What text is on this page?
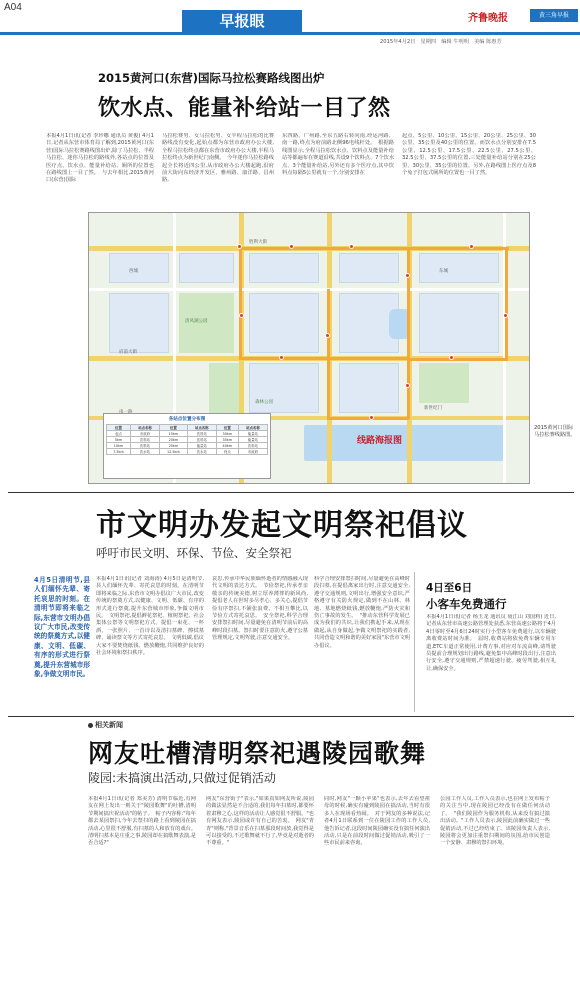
A04
早报眼	齐鲁晚报	黄三角早报
2015年4月2日　星期四　编辑 牛明明　美编 陈惠芳
2015黄河口(东营)国际马拉松赛路线图出炉
饮水点、能量补给站一目了然
本报4月1日讯(记者 李珍娜 通讯员 黄俊) 4月1日,记者从东营市体育局了解到,2015黄河口(东营)国际马拉松赛路线图出炉,除了马拉松、半程马拉松、迷你马拉松的路线外,各站点的位置及医疗点、饮水点、能量补给站、厕所的位置也在路线图上一目了然。　与去年相比,2015黄河口(东营)国际
马拉松赛男、女马拉松男、女半程马拉松的比赛路线没有变化,起始点都为东营市政府办公大楼,全程马拉松终点都在东营市政府办公大楼,半程马拉松终点为新世纪门南侧。　今年迷你马拉松路线起全长将近四公里,从市政府办公大楼起跑,沿府前大街向东经济开发区、雅州路、康洋路、昌州路,
东四路、广州路,至东五路右转向南,经运河路、南一路,终点为府前路北侧96电线杆处。　根据路线图显示,全程马拉松饮水点、饮料点及能量补给站等都遍布在赛道沿线,共设9个饮料点、7个饮水点、3个能量补给站,另外还有多个医疗点,其中饮料点每隔5公里就有一个,分别安排在
起点、5公里、10公里、15公里、20公里、25公里、30公里、35公里及40公里的位置。而饮水点分别安排在7.5公里、12.5公里、17.5公里、22.5公里、27.5公里、32.5公里、37.5公里的位置,三处能量补给站分别在25公里、30公里、35公里的位置。另外,在路线图上医疗点及8个兔子打包式厕所的位置也一目了然。
胜利大街
府前大街
西城	东城
清风湖公园
森林公园
新世纪门
各站点位置分布图
位置	站点名称	位置	站点名称	位置	站点名称
起点	市政府	15km	饮料站	30km	能量站
5km	饮料站	20km	饮料站	35km	能量站
10km	饮料站	25km	能量站	40km	饮料站
7.5km	饮水站	12.5km	饮水站	终点	市政府
线路海报图
2015黄河口国际马拉松赛线路图。
市文明办发起文明祭祀倡议
呼吁市民文明、环保、节俭、安全祭祀
4月5日清明节,县人们缅怀先辈、寄托哀思的时刻。在清明节即将来临之际,东营市文明办倡议广大市民,改变传统的祭奠方式,以健康、文明、低碳、有序的形式进行祭奠,提升东营城市形象,争做文明市民。
本报4月1日讯(记者 刘海涛) 4月5日是清明节,县人们缅怀先辈、寄托哀思的时刻。在清明节即将来临之际,东营市文明办倡议广大市民,改变传统的祭奠方式,以健康、文明、低碳、有序的形式进行祭奠,提升东营城市形象,争做文明市民。　文明祭祀,提倡鲜花祭祀、植树祭祀、社会集体公祭等文明祭祀方式。提倡一束花、一杯酒、一张照片、一首诗以及清扫墓碑、擦拭墓碑、诵读祭文等方式寄托哀思。　文明低碳,倡议大家不要焚烧纸钱、燃放鞭炮,共同维护良好的社会环境和祭扫秩序。
哀思,传承中华民族缅怀逝者的情感融入现代文明的表达方式。　节俭祭祀,传承孝亲敬亲的传统美德,树立厚养薄葬的新风尚,提倡老人在世时多尽孝心、多关心,提倡节俭有序祭扫,不铺张浪费、不相互攀比,以节俭方式寄托哀思。　安全祭祀,科学合理安排祭扫时间,尽量避免在清明节前后的高峰时段扫墓。祭扫时要注意防火,遵守公墓管理规定,文明驾驶,注意交通安全。
科学合理安排祭扫时间,尽量避免在高峰时段扫墓,在提倡离家出行时,注意交通安全,遵守交通规则,文明出行,增强安全意识,严格遵守有关防火规定,做到不在山林、林地、墓地燃烧纸钱,燃放鞭炮,严防火灾和伤亡事故的发生。　"推动东营科学发展已成为我们的共识,让我们携起手来,从现在做起,从自身做起,争做文明祭祀的实践者,共同营造文明和谐的美好家园"东营市文明办倡议。
4日至6日
小客车免费通行
本报4月1日讯(记者 杨玉龙 通讯员 聂江山 刘国莉) 近日,记者从东营市高速公路管理处获悉,东营高速公路将于4月4日零时至4月6日24时实行小型客车免费通行,以车辆驶离收费站时间为准。　届时,收费站将依免费车辆专用车道,ETC车道正常使用,计费方事,对应对车流高峰,请驾驶员提前合理规划出行路线,避免集中高峰时段出行,注意出行安全,遵守交通规则,严禁超速行驶、疲劳驾驶,相互礼让,确保安全。
相关新闻
网友吐槽清明祭祀遇陵园歌舞
陵园:未搞演出活动,只做过促销活动
本报4月1日讯(记者 郑美芳) 清明节临近,有网友在网上发出一则关于"陵园歌舞"的吐槽,清明节期间搞庆祝活动"的帖子。　帖子内容称:"每年都去某园祭扫,今年去祭扫的路上看到陵园在搞活动,心里很不舒服,有扫墓的人和放有的戏台。清明扫墓本是庄重之事,陵园却在搞歌舞表演,是否合适?"
网友"东营街子"表示,"如果真如网友所说,陵园的做法显然是不合适的,我们每年扫墓时,都要怀着肃穆之心,这样的活动让人感觉很不舒服。"也有网友表示,陵园或许有自己的苦衷。　网友"青青"则称,"背景音乐在扫墓那段时间放,我觉得是可以接受的,不过歌舞就不行了,毕竟是对逝者的不尊重。"
同时,网友"一颗小苹果"也表示,去年去看望祖母的时候,确实有碰到陵园在搞活动,当时有很多人在现场看热闹。　对于网友的多种说法,记者4月1日联系到一位在陵园工作的工作人员,他告诉记者,这段时间陵园确实没有搞任何演出活动,只是在前段时间做过促销活动,吸引了一些市民前来咨询。
公园工作人员,工作人员表示,也在网上发布帖子的关注当中,现在陵园已经没有在做任何活动了。　"我们陵园作为服务机构,从来没有搞过演出活动。"工作人员表示,陵园此前确实做过一些促销活动,不过已经结束了。该陵园负责人表示,陵园将会更加注重祭扫期间的氛围,给市民创造一个安静、肃穆的祭扫环境。
